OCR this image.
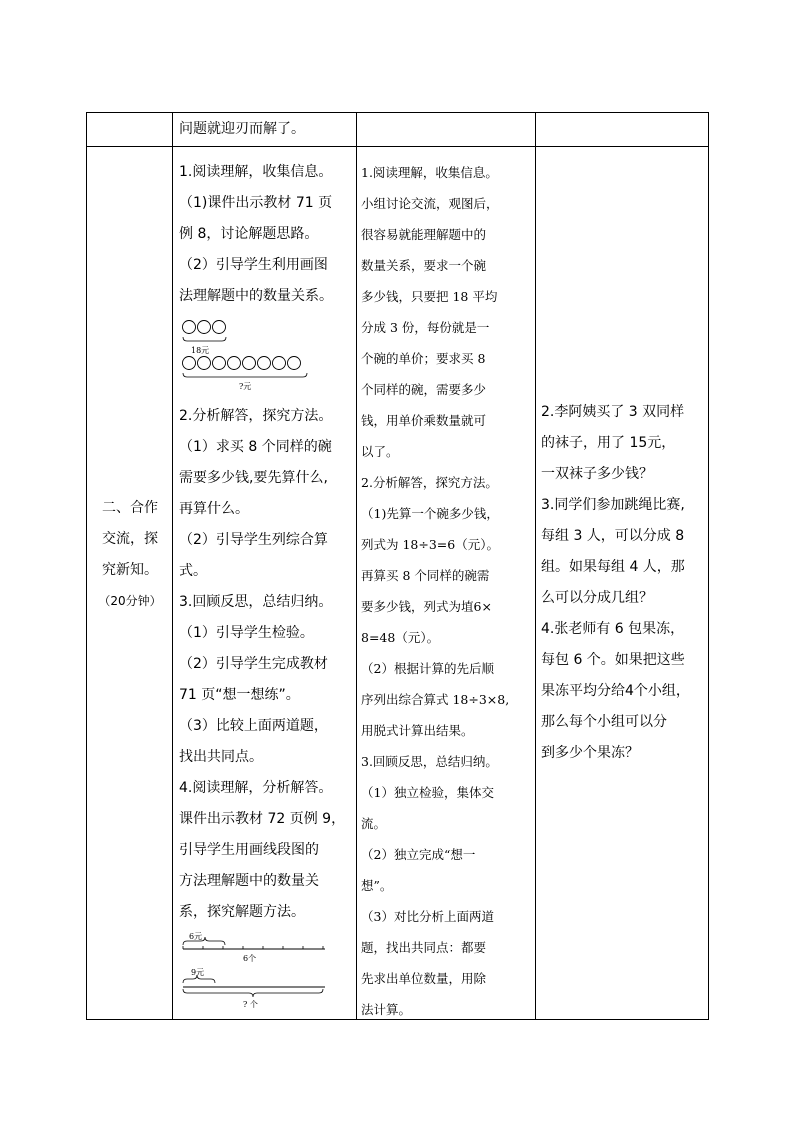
问题就迎刃而解了。

二、合作

交流，探

究新知。

（20分钟）

1.阅读理解，收集信息。

（1)课件出示教材 71 页

例 8，讨论解题思路。

（2）引导学生利用画图

法理解题中的数量关系。

18元
?元

2.分析解答，探究方法。

（1）求买 8 个同样的碗

需要多少钱,要先算什么,

再算什么。

（2）引导学生列综合算

式。

3.回顾反思，总结归纳。

（1）引导学生检验。

（2）引导学生完成教材

71 页“想一想练”。

（3）比较上面两道题，

找出共同点。

4.阅读理解，分析解答。

课件出示教材 72 页例 9，

引导学生用画线段图的

方法理解题中的数量关

系，探究解题方法。

6元
6个
9元
? 个

1.阅读理解，收集信息。

小组讨论交流，观图后，

很容易就能理解题中的

数量关系，要求一个碗

多少钱，只要把 18 平均

分成 3 份，每份就是一

个碗的单价；要求买 8

个同样的碗，需要多少

钱，用单价乘数量就可

以了。

2.分析解答，探究方法。

（1)先算一个碗多少钱，

列式为 18÷3=6（元）。

再算买 8 个同样的碗需

要多少钱，列式为埴6×

8=48（元）。

（2）根据计算的先后顺

序列出综合算式 18÷3×8,

用脱式计算出结果。

3.回顾反思，总结归纳。

（1）独立检验，集体交

流。

（2）独立完成“想一

想”。

（3）对比分析上面两道

题，找出共同点：都要

先求出单位数量，用除

法计算。

2.李阿姨买了 3 双同样

的袜子，用了 15元，

一双袜子多少钱？

3.同学们参加跳绳比赛,

每组 3 人，可以分成 8

组。如果每组 4 人，那

么可以分成几组？

4.张老师有 6 包果冻，

每包 6 个。如果把这些

果冻平均分给4个小组，

那么每个小组可以分

到多少个果冻？
